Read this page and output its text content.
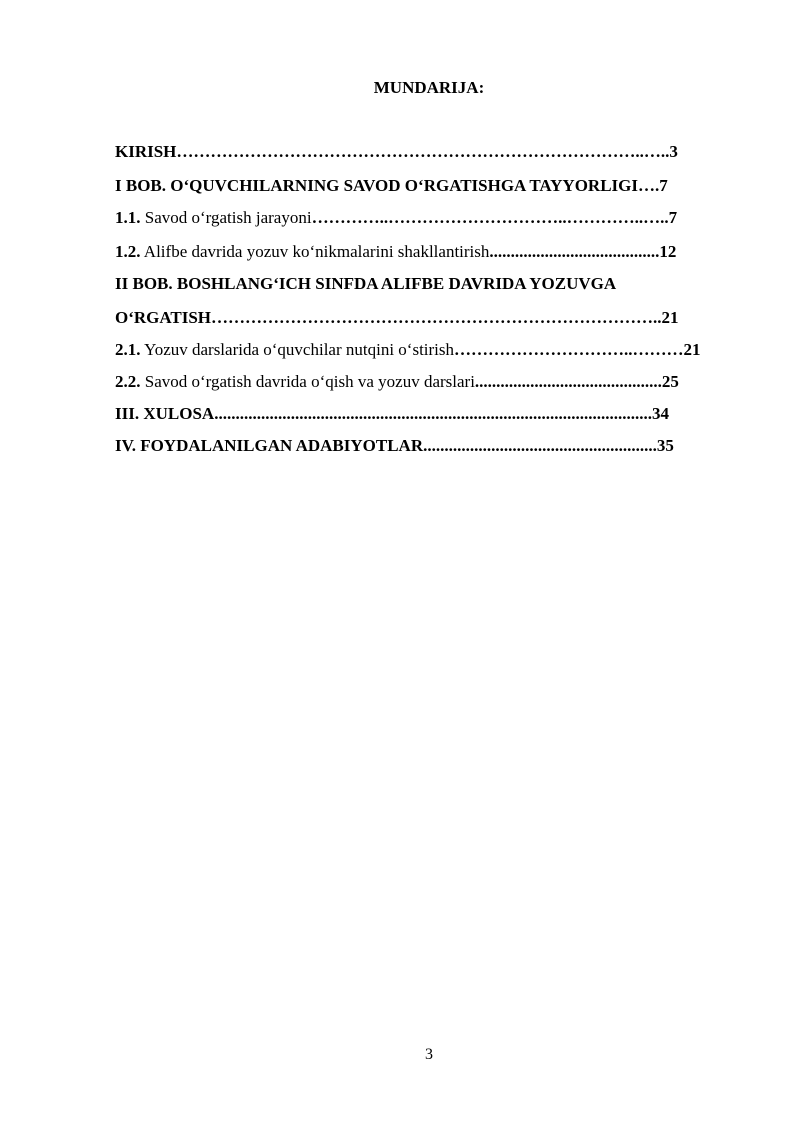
MUNDARIJA:
KIRISH………………………………………………………………………..…..3
I BOB. O‘QUVCHILARNING SAVOD O‘RGATISHGA TAYYORLIGI….7
1.1. Savod o‘rgatish jarayoni…………..…………………………..…………..…..7
1.2. Alifbe davrida yozuv ko‘nikmalarini shakllantirish........................................12
II BOB. BOSHLANG‘ICH SINFDA ALIFBE DAVRIDA YOZUVGA
O‘RGATISH……………………………………………………………………..21
2.1. Yozuv darslarida o‘quvchilar nutqini o‘stirish…………………………..………21
2.2. Savod o‘rgatish davrida o‘qish va yozuv darslari............................................25
III. XULOSA.......................................................................................................34
IV. FOYDALANILGAN ADABIYOTLAR.......................................................35
3
